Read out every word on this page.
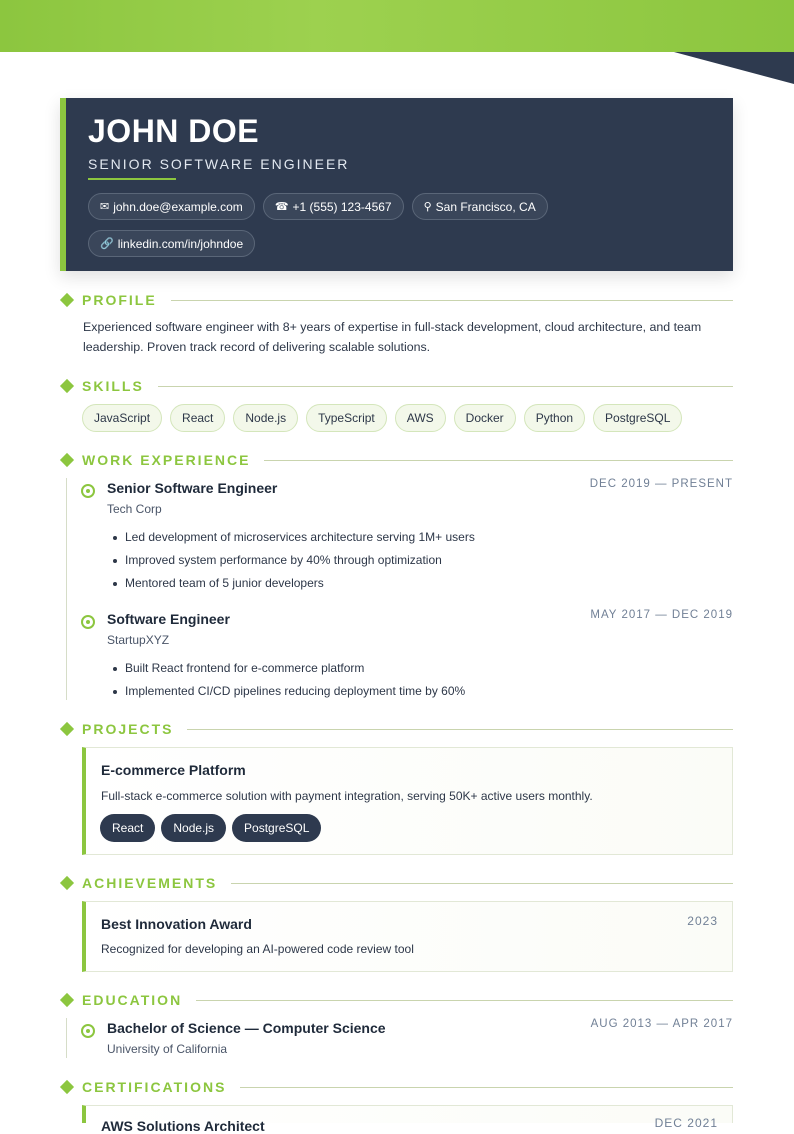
JOHN DOE
SENIOR SOFTWARE ENGINEER
✉ john.doe@example.com	☎ +1 (555) 123-4567	⚲ San Francisco, CA
🔗 linkedin.com/in/johndoe
PROFILE
Experienced software engineer with 8+ years of expertise in full-stack development, cloud architecture, and team
leadership. Proven track record of delivering scalable solutions.
SKILLS
JavaScript	React	Node.js	TypeScript	AWS	Docker	Python	PostgreSQL
WORK EXPERIENCE
Senior Software Engineer	DEC 2019 — PRESENT
Tech Corp
Led development of microservices architecture serving 1M+ users
Improved system performance by 40% through optimization
Mentored team of 5 junior developers
Software Engineer	MAY 2017 — DEC 2019
StartupXYZ
Built React frontend for e-commerce platform
Implemented CI/CD pipelines reducing deployment time by 60%
PROJECTS
E-commerce Platform
Full-stack e-commerce solution with payment integration, serving 50K+ active users monthly.
React	Node.js	PostgreSQL
ACHIEVEMENTS
Best Innovation Award	2023
Recognized for developing an AI-powered code review tool
EDUCATION
Bachelor of Science — Computer Science	AUG 2013 — APR 2017
University of California
CERTIFICATIONS
AWS Solutions Architect	DEC 2021
